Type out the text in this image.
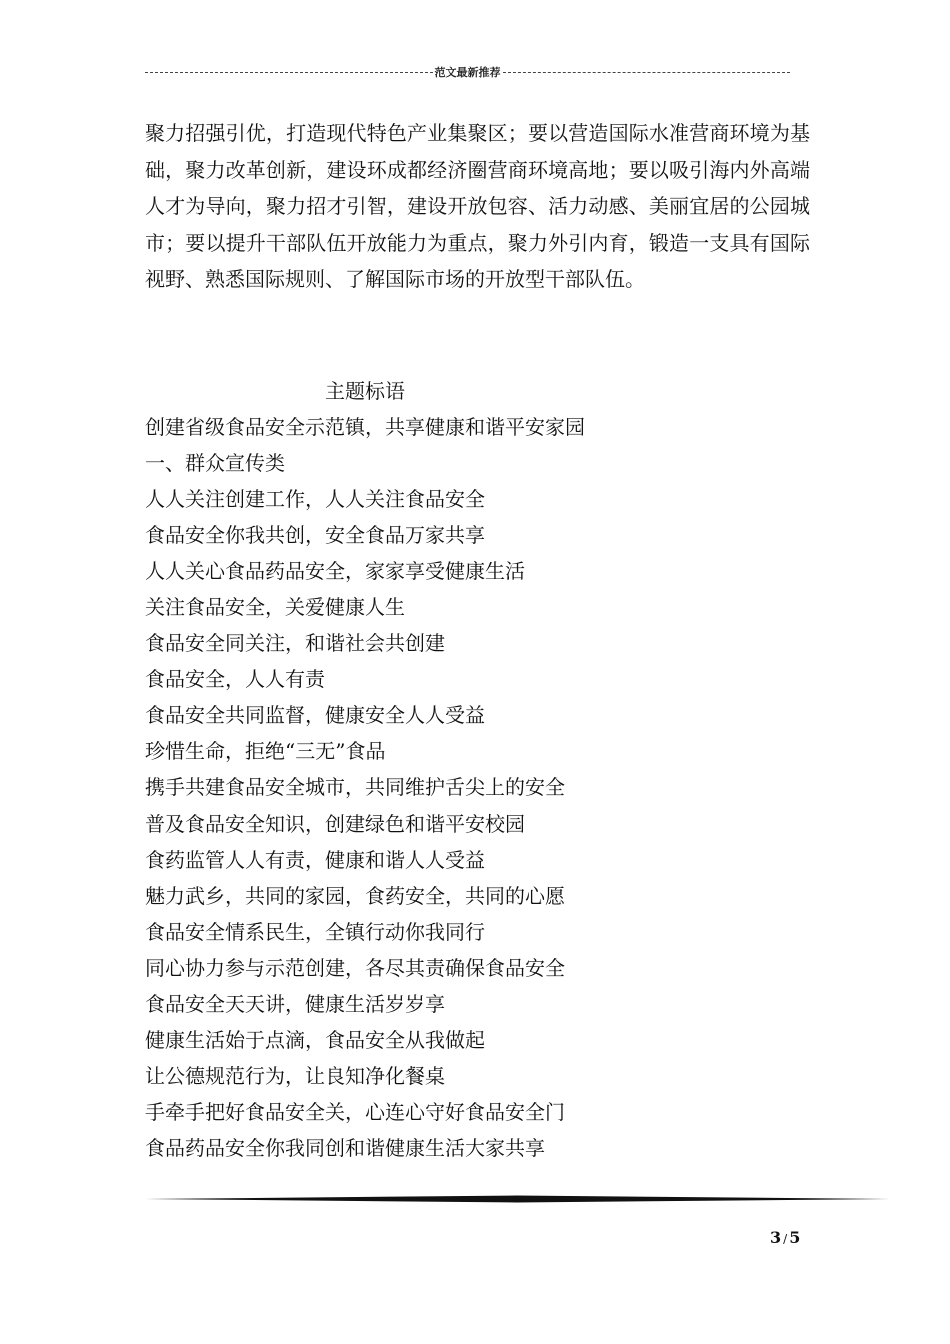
范文最新推荐

聚力招强引优，打造现代特色产业集聚区；要以营造国际水准营商环境为基础，聚力改革创新，建设环成都经济圈营商环境高地；要以吸引海内外高端人才为导向，聚力招才引智，建设开放包容、活力动感、美丽宜居的公园城市；要以提升干部队伍开放能力为重点，聚力外引内育，锻造一支具有国际视野、熟悉国际规则、了解国际市场的开放型干部队伍。

主题标语
创建省级食品安全示范镇，共享健康和谐平安家园
一、群众宣传类
人人关注创建工作，人人关注食品安全
食品安全你我共创，安全食品万家共享
人人关心食品药品安全，家家享受健康生活
关注食品安全，关爱健康人生
食品安全同关注，和谐社会共创建
食品安全，人人有责
食品安全共同监督，健康安全人人受益
珍惜生命，拒绝“三无”食品
携手共建食品安全城市，共同维护舌尖上的安全
普及食品安全知识，创建绿色和谐平安校园
食药监管人人有责，健康和谐人人受益
魅力武乡，共同的家园，食药安全，共同的心愿
食品安全情系民生，全镇行动你我同行
同心协力参与示范创建，各尽其责确保食品安全
食品安全天天讲，健康生活岁岁享
健康生活始于点滴，食品安全从我做起
让公德规范行为，让良知净化餐桌
手牵手把好食品安全关，心连心守好食品安全门
食品药品安全你我同创和谐健康生活大家共享
3 / 5
